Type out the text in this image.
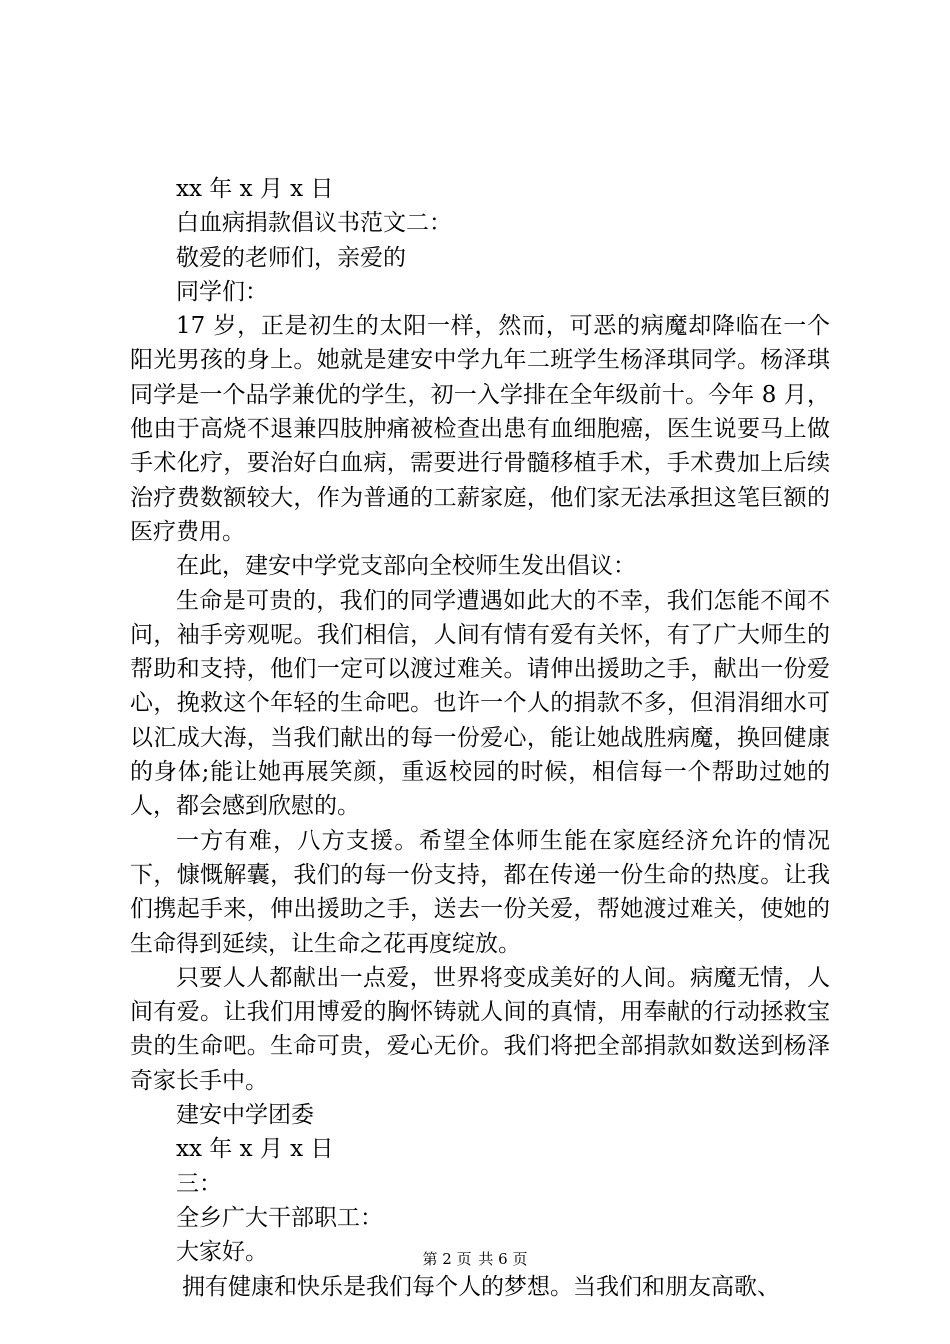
xx 年 x 月 x 日
白血病捐款倡议书范文二：
敬爱的老师们，亲爱的
同学们：

17 岁，正是初生的太阳一样，然而，可恶的病魔却降临在一个阳光男孩的身上。她就是建安中学九年二班学生杨泽琪同学。杨泽琪同学是一个品学兼优的学生，初一入学排在全年级前十。今年 8 月，他由于高烧不退兼四肢肿痛被检查出患有血细胞癌，医生说要马上做手术化疗，要治好白血病，需要进行骨髓移植手术，手术费加上后续治疗费数额较大，作为普通的工薪家庭，他们家无法承担这笔巨额的医疗费用。

在此，建安中学党支部向全校师生发出倡议：

生命是可贵的，我们的同学遭遇如此大的不幸，我们怎能不闻不问，袖手旁观呢。我们相信，人间有情有爱有关怀，有了广大师生的帮助和支持，他们一定可以渡过难关。请伸出援助之手，献出一份爱心，挽救这个年轻的生命吧。也许一个人的捐款不多，但涓涓细水可以汇成大海，当我们献出的每一份爱心，能让她战胜病魔，换回健康的身体;能让她再展笑颜，重返校园的时候，相信每一个帮助过她的人，都会感到欣慰的。

一方有难，八方支援。希望全体师生能在家庭经济允许的情况下，慷慨解囊，我们的每一份支持，都在传递一份生命的热度。让我们携起手来，伸出援助之手，送去一份关爱，帮她渡过难关，使她的生命得到延续，让生命之花再度绽放。

只要人人都献出一点爱，世界将变成美好的人间。病魔无情，人间有爱。让我们用博爱的胸怀铸就人间的真情，用奉献的行动拯救宝贵的生命吧。生命可贵，爱心无价。我们将把全部捐款如数送到杨泽奇家长手中。

建安中学团委
xx 年 x 月 x 日
三：
全乡广大干部职工：
大家好。
拥有健康和快乐是我们每个人的梦想。当我们和朋友高歌、
第 2 页 共 6 页
